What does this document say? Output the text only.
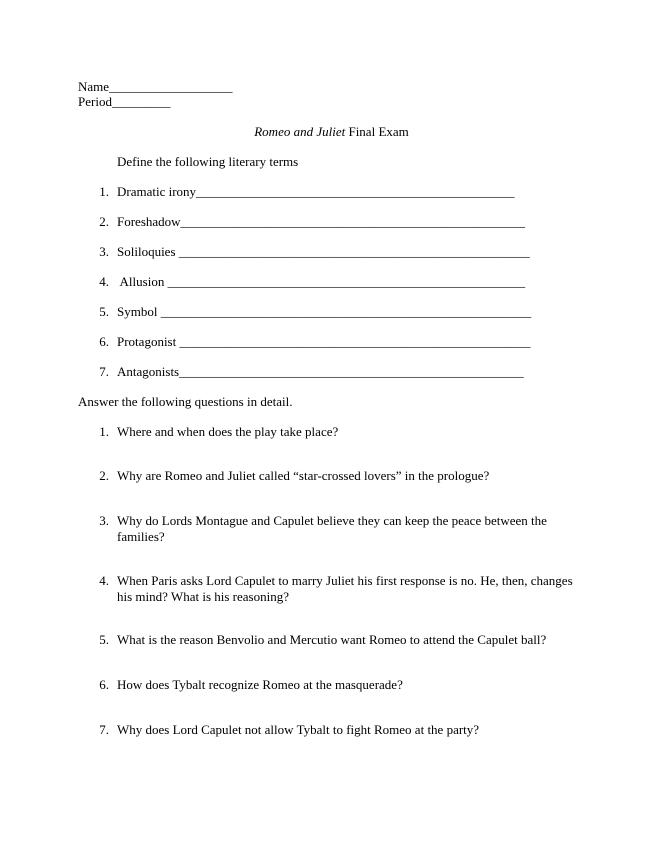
Name___________________
Period_________
Romeo and Juliet Final Exam
Define the following literary terms
1. Dramatic irony_________________________________________________
2. Foreshadow_____________________________________________________
3. Soliloquies ______________________________________________________
4. Allusion _______________________________________________________
5. Symbol _________________________________________________________
6. Protagonist ______________________________________________________
7. Antagonists_____________________________________________________
Answer the following questions in detail.
1. Where and when does the play take place?
2. Why are Romeo and Juliet called “star-crossed lovers” in the prologue?
3. Why do Lords Montague and Capulet believe they can keep the peace between the families?
4. When Paris asks Lord Capulet to marry Juliet his first response is no. He, then, changes his mind? What is his reasoning?
5. What is the reason Benvolio and Mercutio want Romeo to attend the Capulet ball?
6. How does Tybalt recognize Romeo at the masquerade?
7. Why does Lord Capulet not allow Tybalt to fight Romeo at the party?
